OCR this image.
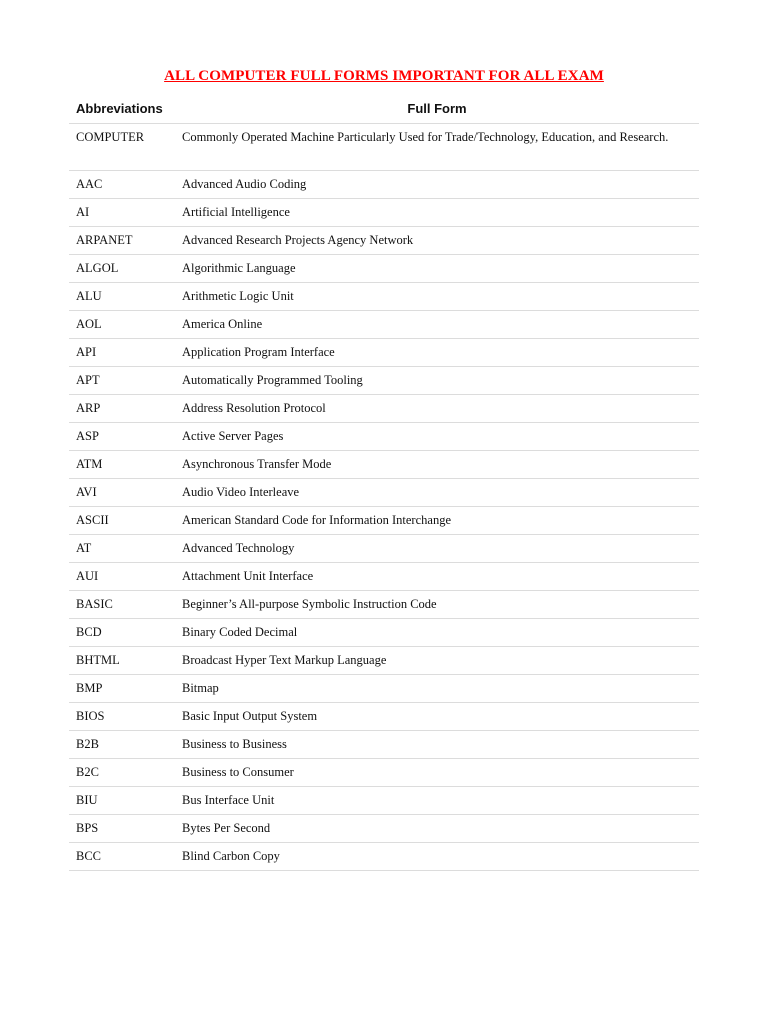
ALL COMPUTER FULL FORMS IMPORTANT FOR ALL EXAM
Abbreviations	Full Form
COMPUTER	Commonly Operated Machine Particularly Used for Trade/Technology, Education, and Research.
AAC	Advanced Audio Coding
AI	Artificial Intelligence
ARPANET	Advanced Research Projects Agency Network
ALGOL	Algorithmic Language
ALU	Arithmetic Logic Unit
AOL	America Online
API	Application Program Interface
APT	Automatically Programmed Tooling
ARP	Address Resolution Protocol
ASP	Active Server Pages
ATM	Asynchronous Transfer Mode
AVI	Audio Video Interleave
ASCII	American Standard Code for Information Interchange
AT	Advanced Technology
AUI	Attachment Unit Interface
BASIC	Beginner’s All-purpose Symbolic Instruction Code
BCD	Binary Coded Decimal
BHTML	Broadcast Hyper Text Markup Language
BMP	Bitmap
BIOS	Basic Input Output System
B2B	Business to Business
B2C	Business to Consumer
BIU	Bus Interface Unit
BPS	Bytes Per Second
BCC	Blind Carbon Copy
